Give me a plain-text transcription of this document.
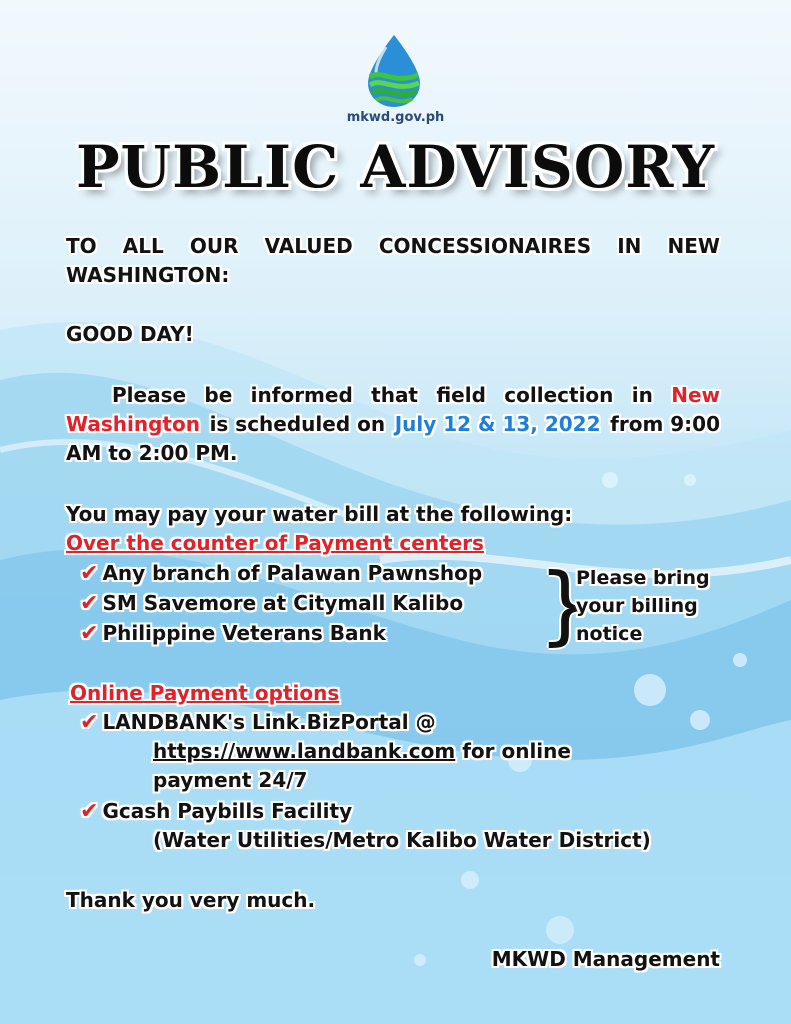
mkwd.gov.ph
PUBLIC ADVISORY
TO ALL OUR VALUED CONCESSIONAIRES IN NEW
WASHINGTON:
GOOD DAY!
Please be informed that field collection in New
Washington is scheduled on July 12 & 13, 2022 from 9:00
AM to 2:00 PM.
You may pay your water bill at the following:
Over the counter of Payment centers
✔ Any branch of Palawan Pawnshop
✔ SM Savemore at Citymall Kalibo
✔ Philippine Veterans Bank }
Please bring
your billing
notice
Online Payment options
✔ LANDBANK's Link.BizPortal @
https://www.landbank.com for online
payment 24/7
✔ Gcash Paybills Facility
(Water Utilities/Metro Kalibo Water District)
Thank you very much.
MKWD Management
